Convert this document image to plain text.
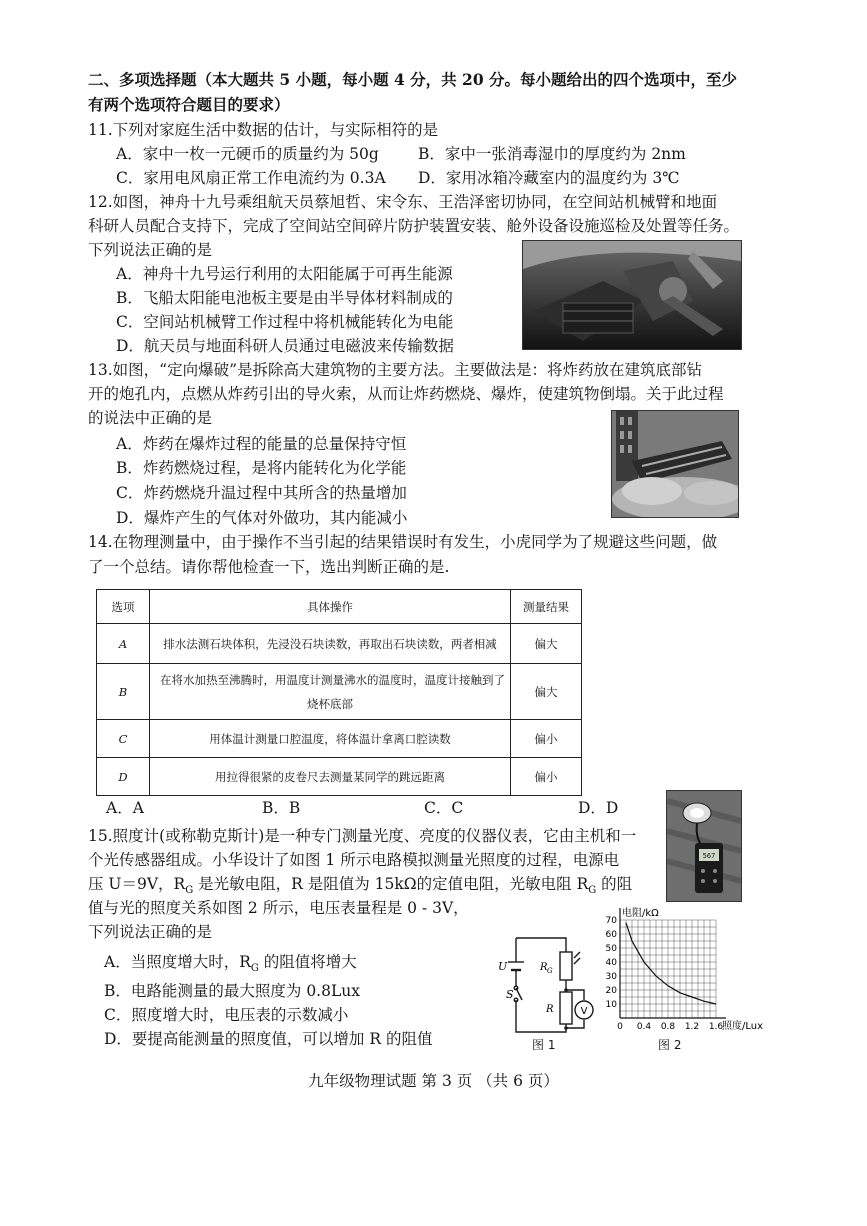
二、多项选择题（本大题共 5 小题，每小题 4 分，共 20 分。每小题给出的四个选项中，至少
有两个选项符合题目的要求）
11.下列对家庭生活中数据的估计，与实际相符的是
A．家中一枚一元硬币的质量约为 50g	B．家中一张消毒湿巾的厚度约为 2nm
C．家用电风扇正常工作电流约为 0.3A D．家用冰箱冷藏室内的温度约为 3℃
12.如图，神舟十九号乘组航天员蔡旭哲、宋令东、王浩泽密切协同，在空间站机械臂和地面
科研人员配合支持下，完成了空间站空间碎片防护装置安装、舱外设备设施巡检及处置等任务。
下列说法正确的是
A．神舟十九号运行利用的太阳能属于可再生能源
B．飞船太阳能电池板主要是由半导体材料制成的
C．空间站机械臂工作过程中将机械能转化为电能
D．航天员与地面科研人员通过电磁波来传输数据
13.如图，“定向爆破”是拆除高大建筑物的主要方法。主要做法是：将炸药放在建筑底部钻
开的炮孔内，点燃从炸药引出的导火索，从而让炸药燃烧、爆炸，使建筑物倒塌。关于此过程
的说法中正确的是
A．炸药在爆炸过程的能量的总量保持守恒
B．炸药燃烧过程，是将内能转化为化学能
C．炸药燃烧升温过程中其所含的热量增加
D．爆炸产生的气体对外做功，其内能减小
14.在物理测量中，由于操作不当引起的结果错误时有发生，小虎同学为了规避这些问题，做
了一个总结。请你帮他检查一下，选出判断正确的是.
选项	具体操作	测量结果
A	排水法测石块体积，先浸没石块读数，再取出石块读数，两者相减	偏大
B	在将水加热至沸腾时，用温度计测量沸水的温度时，温度计接触到了
烧杯底部	偏大
C	用体温计测量口腔温度，将体温计拿离口腔读数	偏小
D	用拉得很紧的皮卷尺去测量某同学的跳远距离	偏小
A．A	B．B	C．C	D．D
567
15.照度计(或称勒克斯计)是一种专门测量光度、亮度的仪器仪表，它由主机和一
个光传感器组成。小华设计了如图 1 所示电路模拟测量光照度的过程，电源电
压 U＝9V，$R_G$ 是光敏电阻，R 是阻值为 15kΩ的定值电阻，光敏电阻 $R_G$ 的阻
值与光的照度关系如图 2 所示，电压表量程是 0 - 3V，
下列说法正确的是
A．当照度增大时，$R_G$ 的阻值将增大
B．电路能测量的最大照度为 0.8Lux
C．照度增大时，电压表的示数减小
D．要提高能测量的照度值，可以增加 R 的阻值
U
S
R G
R	V
图 1
10
20
30
40
50
60
70
0 0.4 0.8 1.2 1.6
电阻/kΩ
照度/Lux
图 2
九年级物理试题 第 3 页 （共 6 页）
